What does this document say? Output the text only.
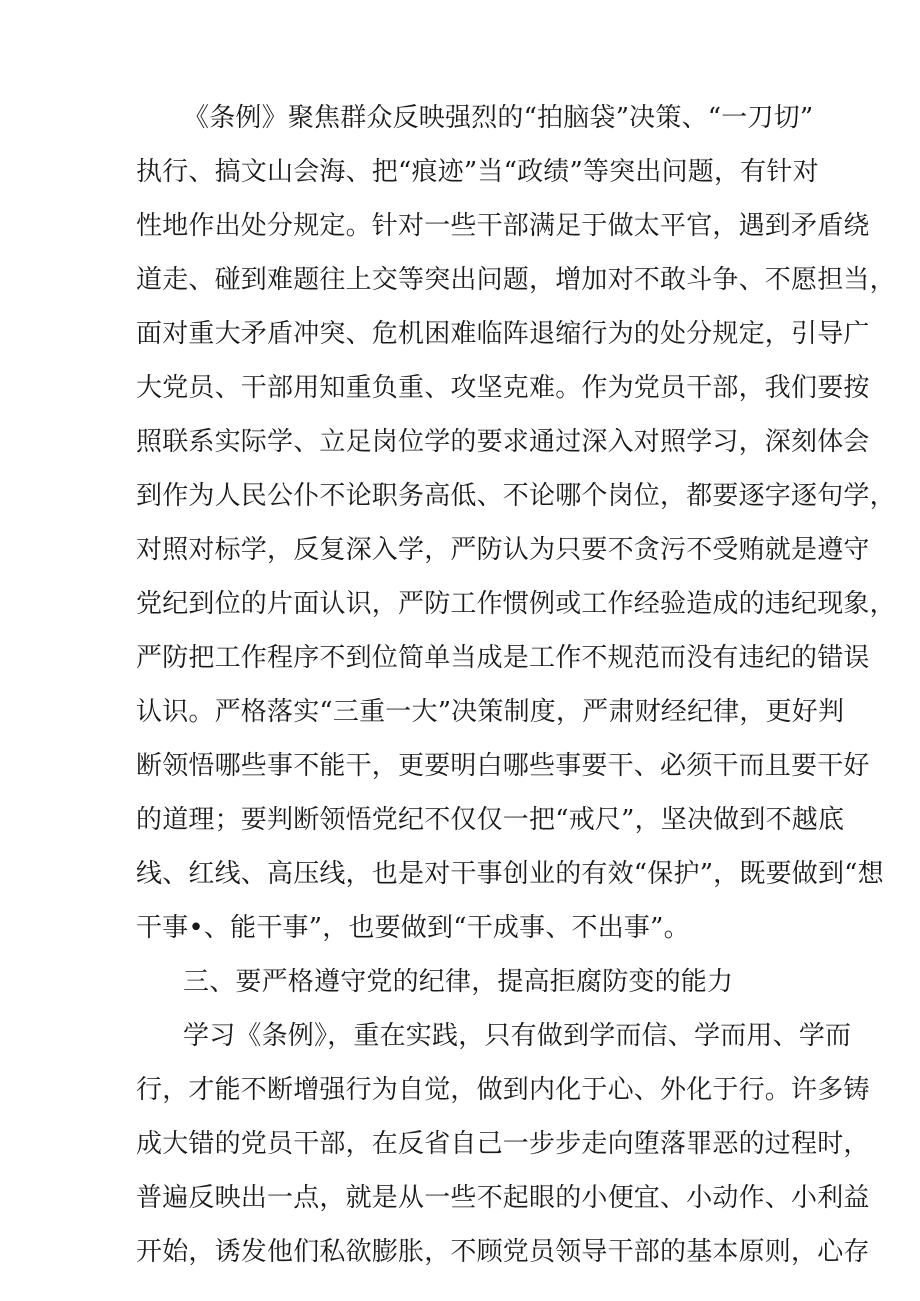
《条例》聚焦群众反映强烈的“拍脑袋”决策、“一刀切”
执行、搞文山会海、把“痕迹”当“政绩”等突出问题，有针对
性地作出处分规定。针对一些干部满足于做太平官，遇到矛盾绕
道走、碰到难题往上交等突出问题，增加对不敢斗争、不愿担当，
面对重大矛盾冲突、危机困难临阵退缩行为的处分规定，引导广
大党员、干部用知重负重、攻坚克难。作为党员干部，我们要按
照联系实际学、立足岗位学的要求通过深入对照学习，深刻体会
到作为人民公仆不论职务高低、不论哪个岗位，都要逐字逐句学，
对照对标学，反复深入学，严防认为只要不贪污不受贿就是遵守
党纪到位的片面认识，严防工作惯例或工作经验造成的违纪现象，
严防把工作程序不到位简单当成是工作不规范而没有违纪的错误
认识。严格落实“三重一大”决策制度，严肃财经纪律，更好判
断领悟哪些事不能干，更要明白哪些事要干、必须干而且要干好
的道理；要判断领悟党纪不仅仅一把“戒尺”，坚决做到不越底
线、红线、高压线，也是对干事创业的有效“保护”，既要做到“想
干事•、能干事”，也要做到“干成事、不出事”。
三、要严格遵守党的纪律，提高拒腐防变的能力
学习《条例》，重在实践，只有做到学而信、学而用、学而
行，才能不断增强行为自觉，做到内化于心、外化于行。许多铸
成大错的党员干部，在反省自己一步步走向堕落罪恶的过程时，
普遍反映出一点，就是从一些不起眼的小便宜、小动作、小利益
开始，诱发他们私欲膨胀，不顾党员领导干部的基本原则，心存
